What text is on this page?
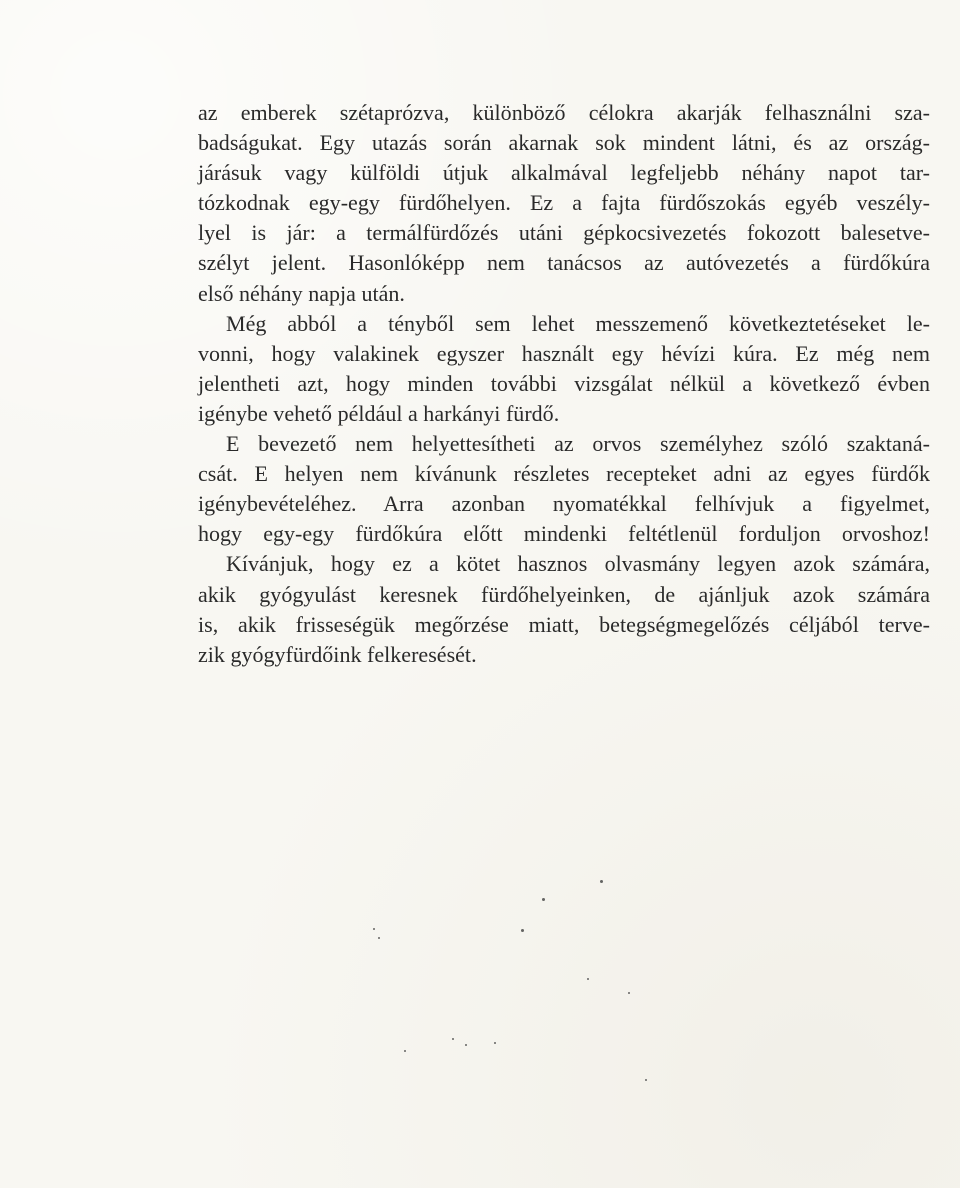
az emberek szétaprózva, különböző célokra akarják felhasználni sza-
badságukat. Egy utazás során akarnak sok mindent látni, és az ország-
járásuk vagy külföldi útjuk alkalmával legfeljebb néhány napot tar-
tózkodnak egy-egy fürdőhelyen. Ez a fajta fürdőszokás egyéb veszély-
lyel is jár: a termálfürdőzés utáni gépkocsivezetés fokozott balesetve-
szélyt jelent. Hasonlóképp nem tanácsos az autóvezetés a fürdőkúra
első néhány napja után.
Még abból a tényből sem lehet messzemenő következtetéseket le-
vonni, hogy valakinek egyszer használt egy hévízi kúra. Ez még nem
jelentheti azt, hogy minden további vizsgálat nélkül a következő évben
igénybe vehető például a harkányi fürdő.
E bevezető nem helyettesítheti az orvos személyhez szóló szaktaná-
csát. E helyen nem kívánunk részletes recepteket adni az egyes fürdők
igénybevételéhez. Arra azonban nyomatékkal felhívjuk a figyelmet,
hogy egy-egy fürdőkúra előtt mindenki feltétlenül forduljon orvoshoz!
Kívánjuk, hogy ez a kötet hasznos olvasmány legyen azok számára,
akik gyógyulást keresnek fürdőhelyeinken, de ajánljuk azok számára
is, akik frisseségük megőrzése miatt, betegségmegelőzés céljából terve-
zik gyógyfürdőink felkeresését.
